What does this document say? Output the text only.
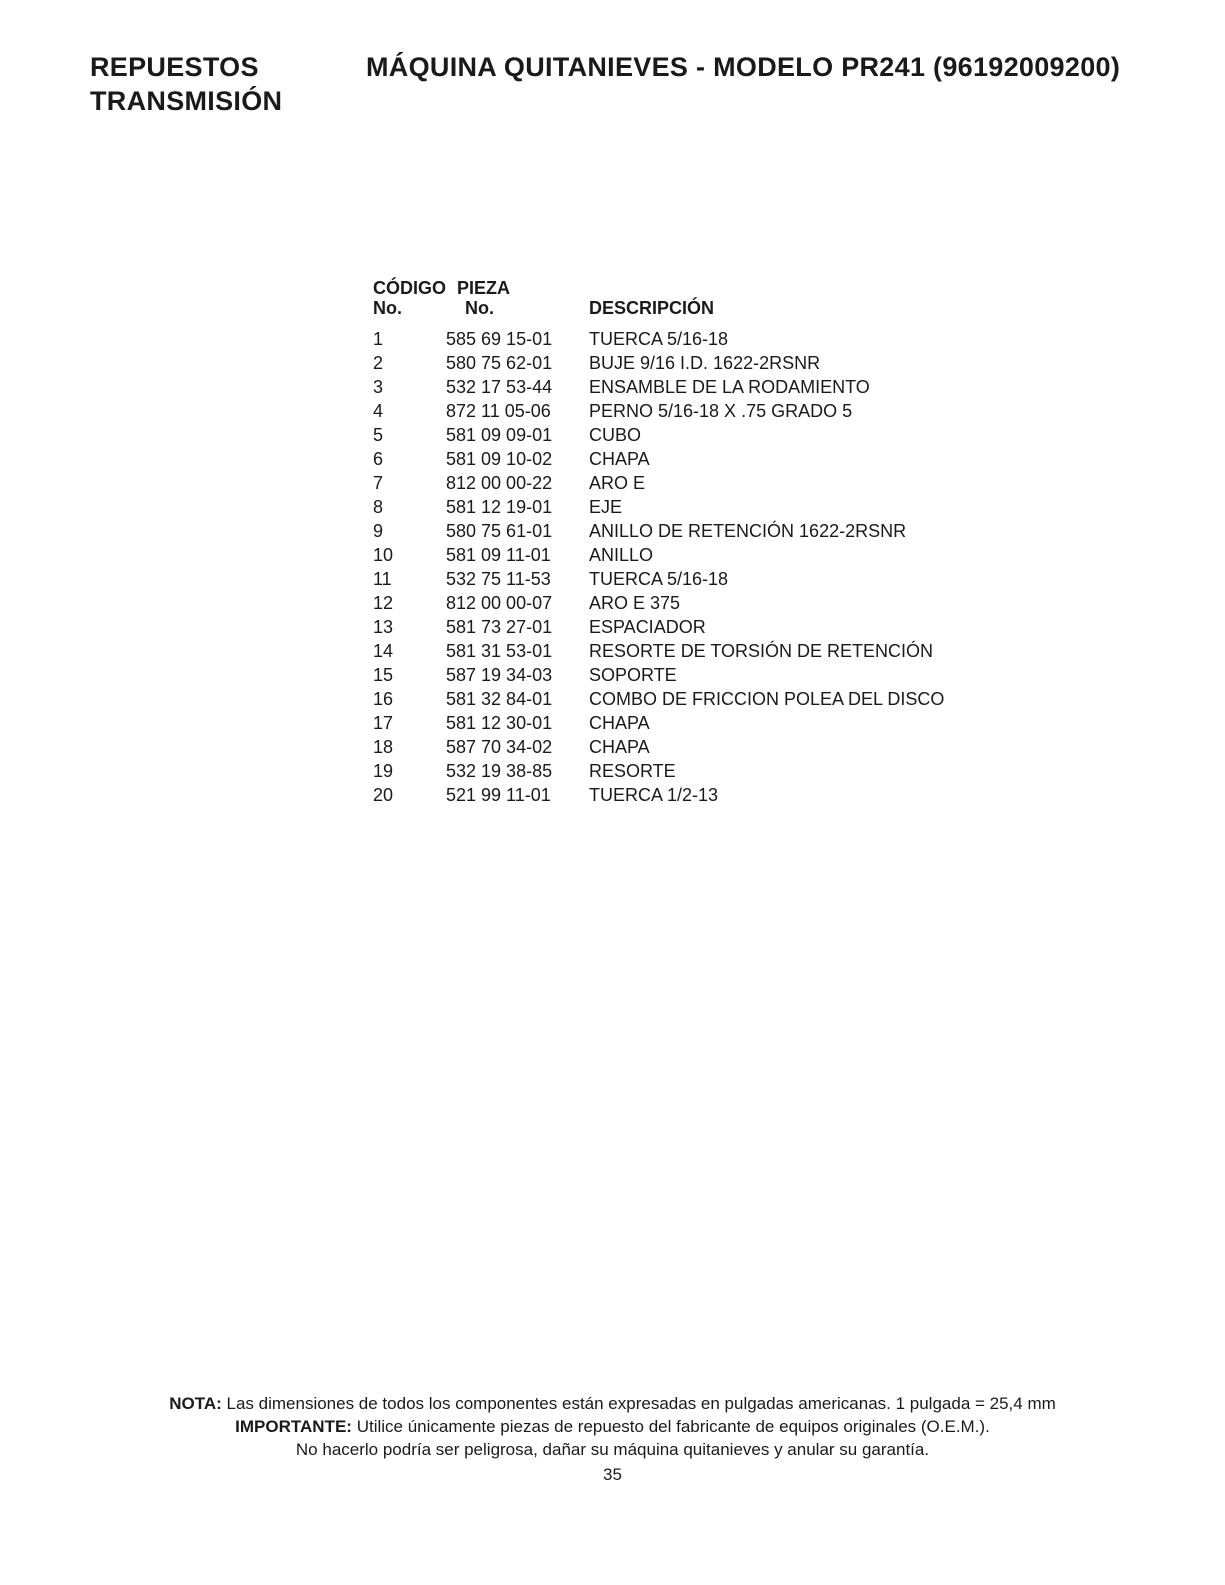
REPUESTOS
TRANSMISIÓN
MÁQUINA QUITANIEVES - MODELO PR241 (96192009200)
CÓDIGO PIEZA
No.	No.	DESCRIPCIÓN
1	585 69 15-01 TUERCA 5/16-18
2	580 75 62-01 BUJE 9/16 I.D. 1622-2RSNR
3	532 17 53-44 ENSAMBLE DE LA RODAMIENTO
4	872 11 05-06 PERNO 5/16-18 X .75 GRADO 5
5	581 09 09-01 CUBO
6	581 09 10-02 CHAPA
7	812 00 00-22 ARO E
8	581 12 19-01 EJE
9	580 75 61-01 ANILLO DE RETENCIÓN 1622-2RSNR
10	581 09 11-01 ANILLO
11	532 75 11-53 TUERCA 5/16-18
12	812 00 00-07 ARO E 375
13	581 73 27-01 ESPACIADOR
14	581 31 53-01 RESORTE DE TORSIÓN DE RETENCIÓN
15	587 19 34-03 SOPORTE
16	581 32 84-01 COMBO DE FRICCION POLEA DEL DISCO
17	581 12 30-01 CHAPA
18	587 70 34-02 CHAPA
19	532 19 38-85 RESORTE
20	521 99 11-01 TUERCA 1/2-13
NOTA: Las dimensiones de todos los componentes están expresadas en pulgadas americanas. 1 pulgada = 25,4 mm
IMPORTANTE: Utilice únicamente piezas de repuesto del fabricante de equipos originales (O.E.M.).
No hacerlo podría ser peligrosa, dañar su máquina quitanieves y anular su garantía.
35
